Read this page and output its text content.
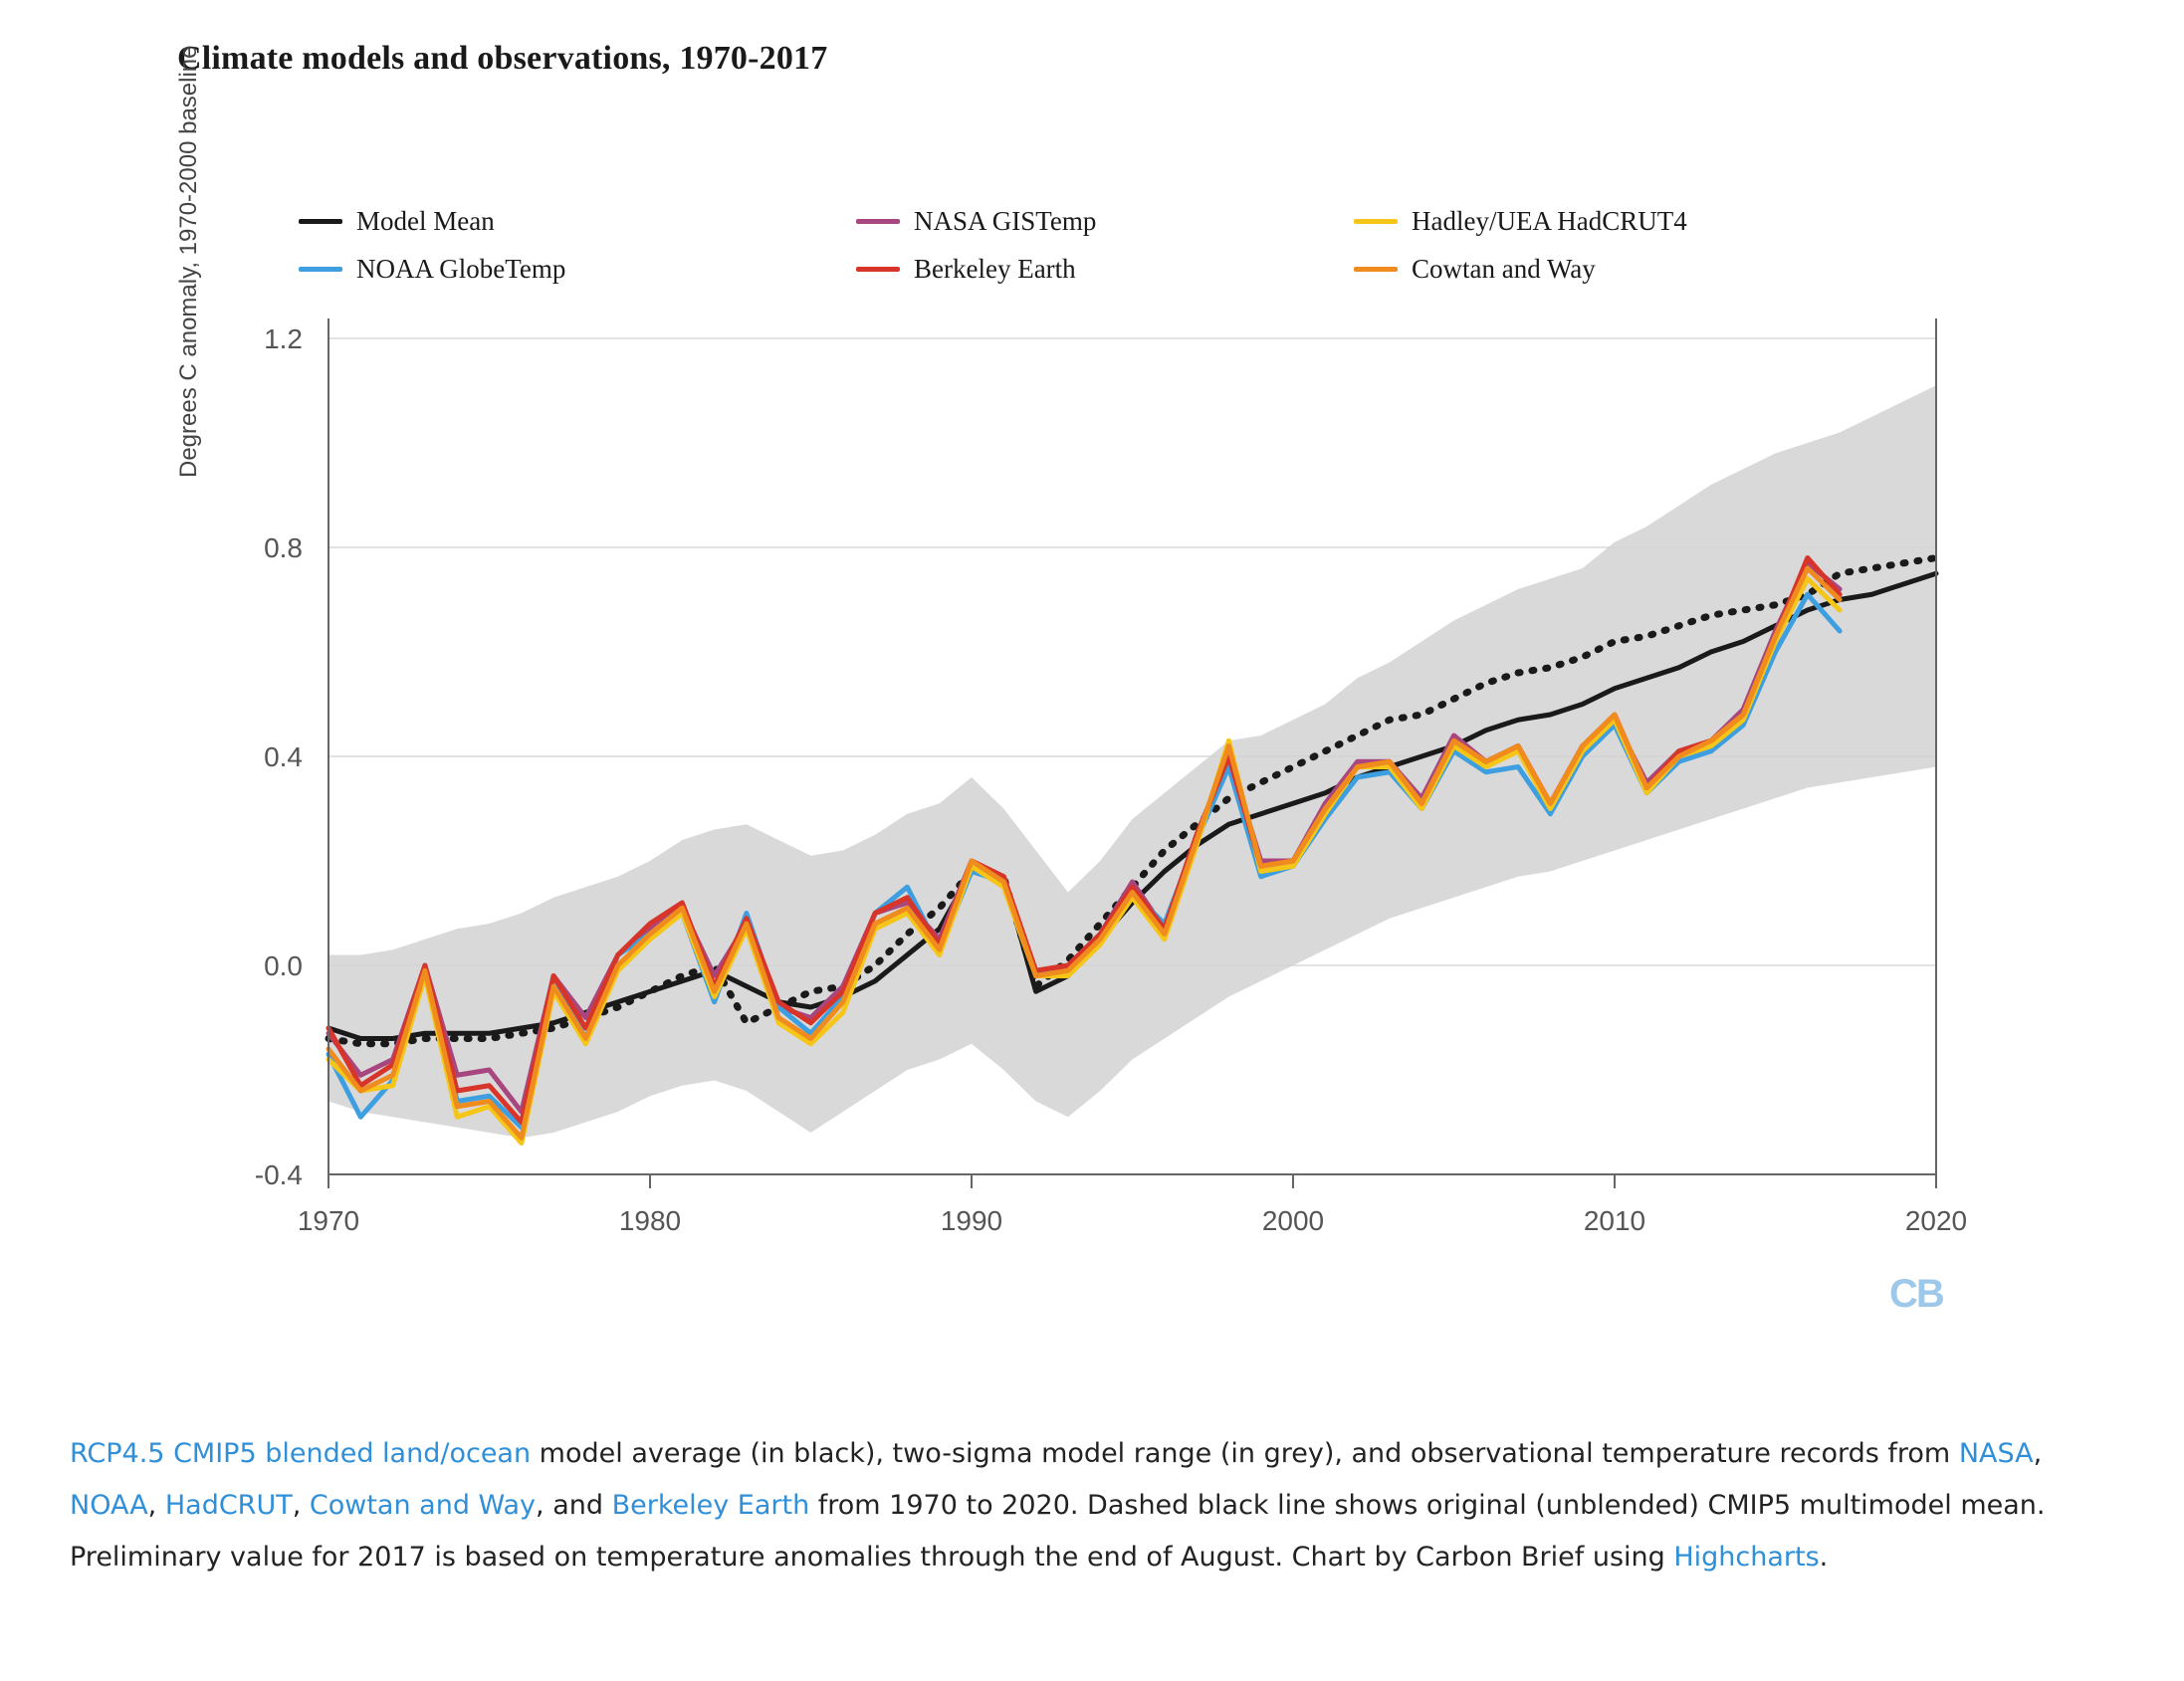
Climate models and observations, 1970-2017
Model Mean	NASA GISTemp	Hadley/UEA HadCRUT4
NOAA GlobeTemp	Berkeley Earth	Cowtan and Way
Degrees C anomaly, 1970-2000 baseline
-0.4
0.0
0.4
0.8
1.2
1970	1980	1990	2000	2010	2020
CB
RCP4.5 CMIP5 blended land/ocean model average (in black), two-sigma model range (in grey), and observational temperature records from NASA, NOAA, HadCRUT, Cowtan and Way, and Berkeley Earth from 1970 to 2020. Dashed black line shows original (unblended) CMIP5 multimodel mean. Preliminary value for 2017 is based on temperature anomalies through the end of August. Chart by Carbon Brief using Highcharts.
